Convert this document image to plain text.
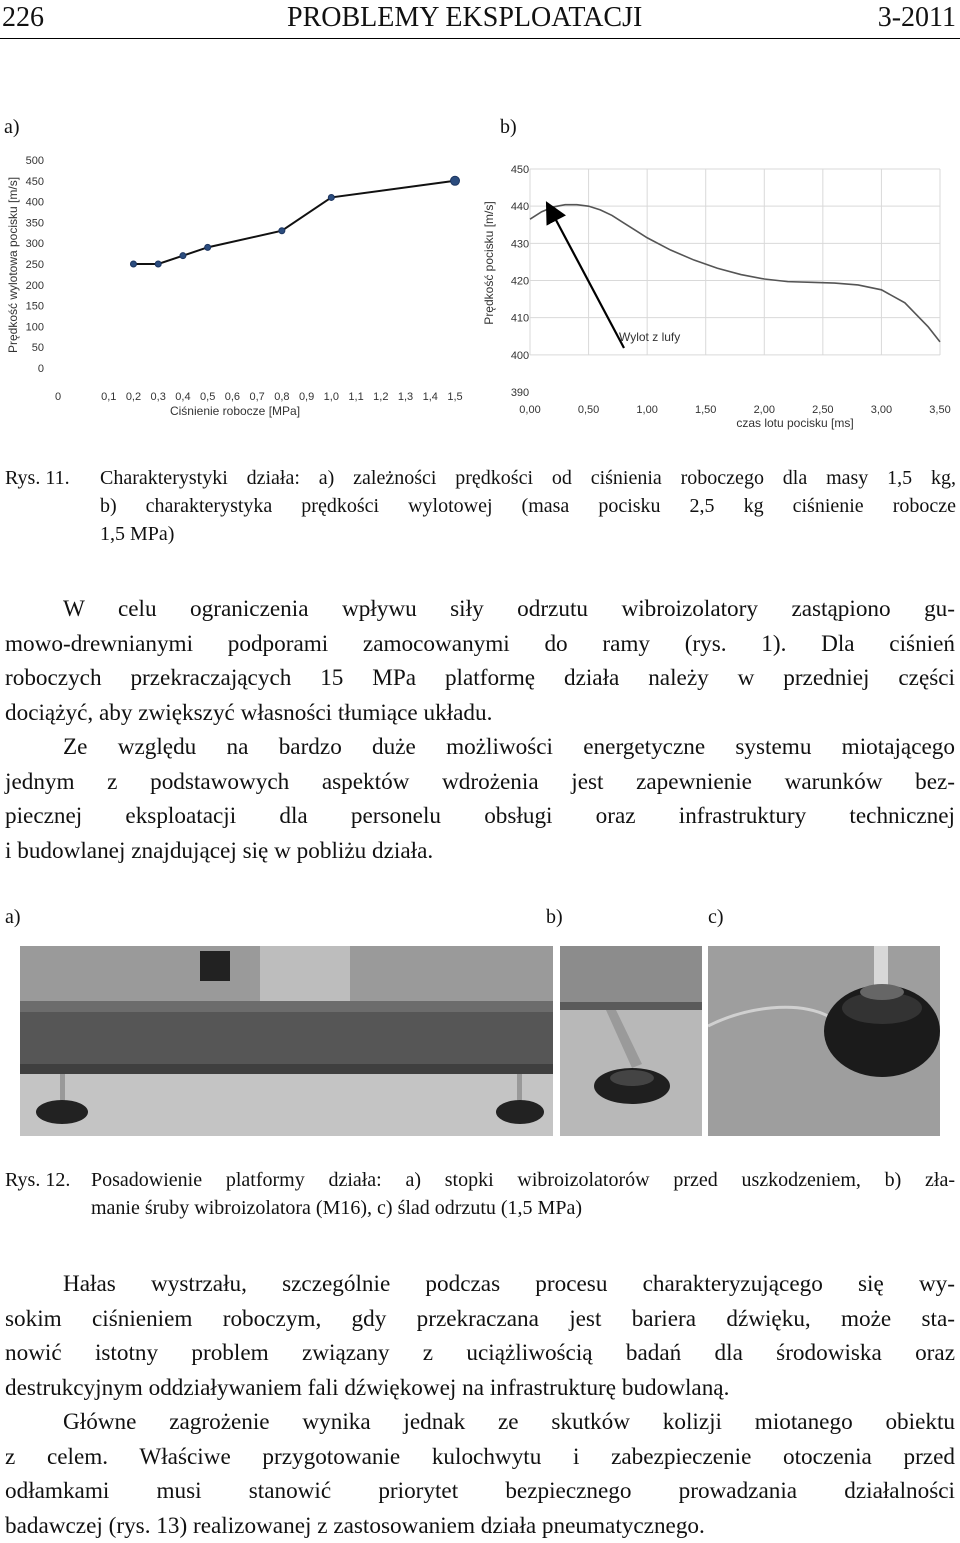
226	PROBLEMY EKSPLOATACJI	3-2011
a)	b)
Prędkość wylotowa pocisku [m/s]
Ciśnienie robocze [MPa]
0
50
100
150
200
250
300
350
400
450
500
0	0,1 0,2 0,3 0,4 0,5 0,6 0,7 0,8 0,9 1,0 1,1 1,2 1,3 1,4 1,5
Prędkość pocisku [m/s]
czas lotu pocisku [ms]
390
400
410
420
430
440
450
0,00	0,50	1,00	1,50	2,00	2,50	3,00	3,50
Wylot z lufy
Rys. 11. Charakterystyki działa: a) zależności prędkości od ciśnienia roboczego dla masy 1,5 kg,
b) charakterystyka prędkości wylotowej (masa pocisku 2,5 kg ciśnienie robocze
1,5 MPa)
W celu ograniczenia wpływu siły odrzutu wibroizolatory zastąpiono gu-
mowo-drewnianymi podporami zamocowanymi do ramy (rys. 1). Dla ciśnień
roboczych przekraczających 15 MPa platformę działa należy w przedniej części
dociążyć, aby zwiększyć własności tłumiące układu.
Ze względu na bardzo duże możliwości energetyczne systemu miotającego
jednym z podstawowych aspektów wdrożenia jest zapewnienie warunków bez-
piecznej eksploatacji dla personelu obsługi oraz infrastruktury technicznej
i budowlanej znajdującej się w pobliżu działa.
a)	b)	c)
Rys. 12. Posadowienie platformy działa: a) stopki wibroizolatorów przed uszkodzeniem, b) zła-
manie śruby wibroizolatora (M16), c) ślad odrzutu (1,5 MPa)
Hałas wystrzału, szczególnie podczas procesu charakteryzującego się wy-
sokim ciśnieniem roboczym, gdy przekraczana jest bariera dźwięku, może sta-
nowić istotny problem związany z uciążliwością badań dla środowiska oraz
destrukcyjnym oddziaływaniem fali dźwiękowej na infrastrukturę budowlaną.
Główne zagrożenie wynika jednak ze skutków kolizji miotanego obiektu
z celem. Właściwe przygotowanie kulochwytu i zabezpieczenie otoczenia przed
odłamkami musi stanowić priorytet bezpiecznego prowadzania działalności
badawczej (rys. 13) realizowanej z zastosowaniem działa pneumatycznego.
